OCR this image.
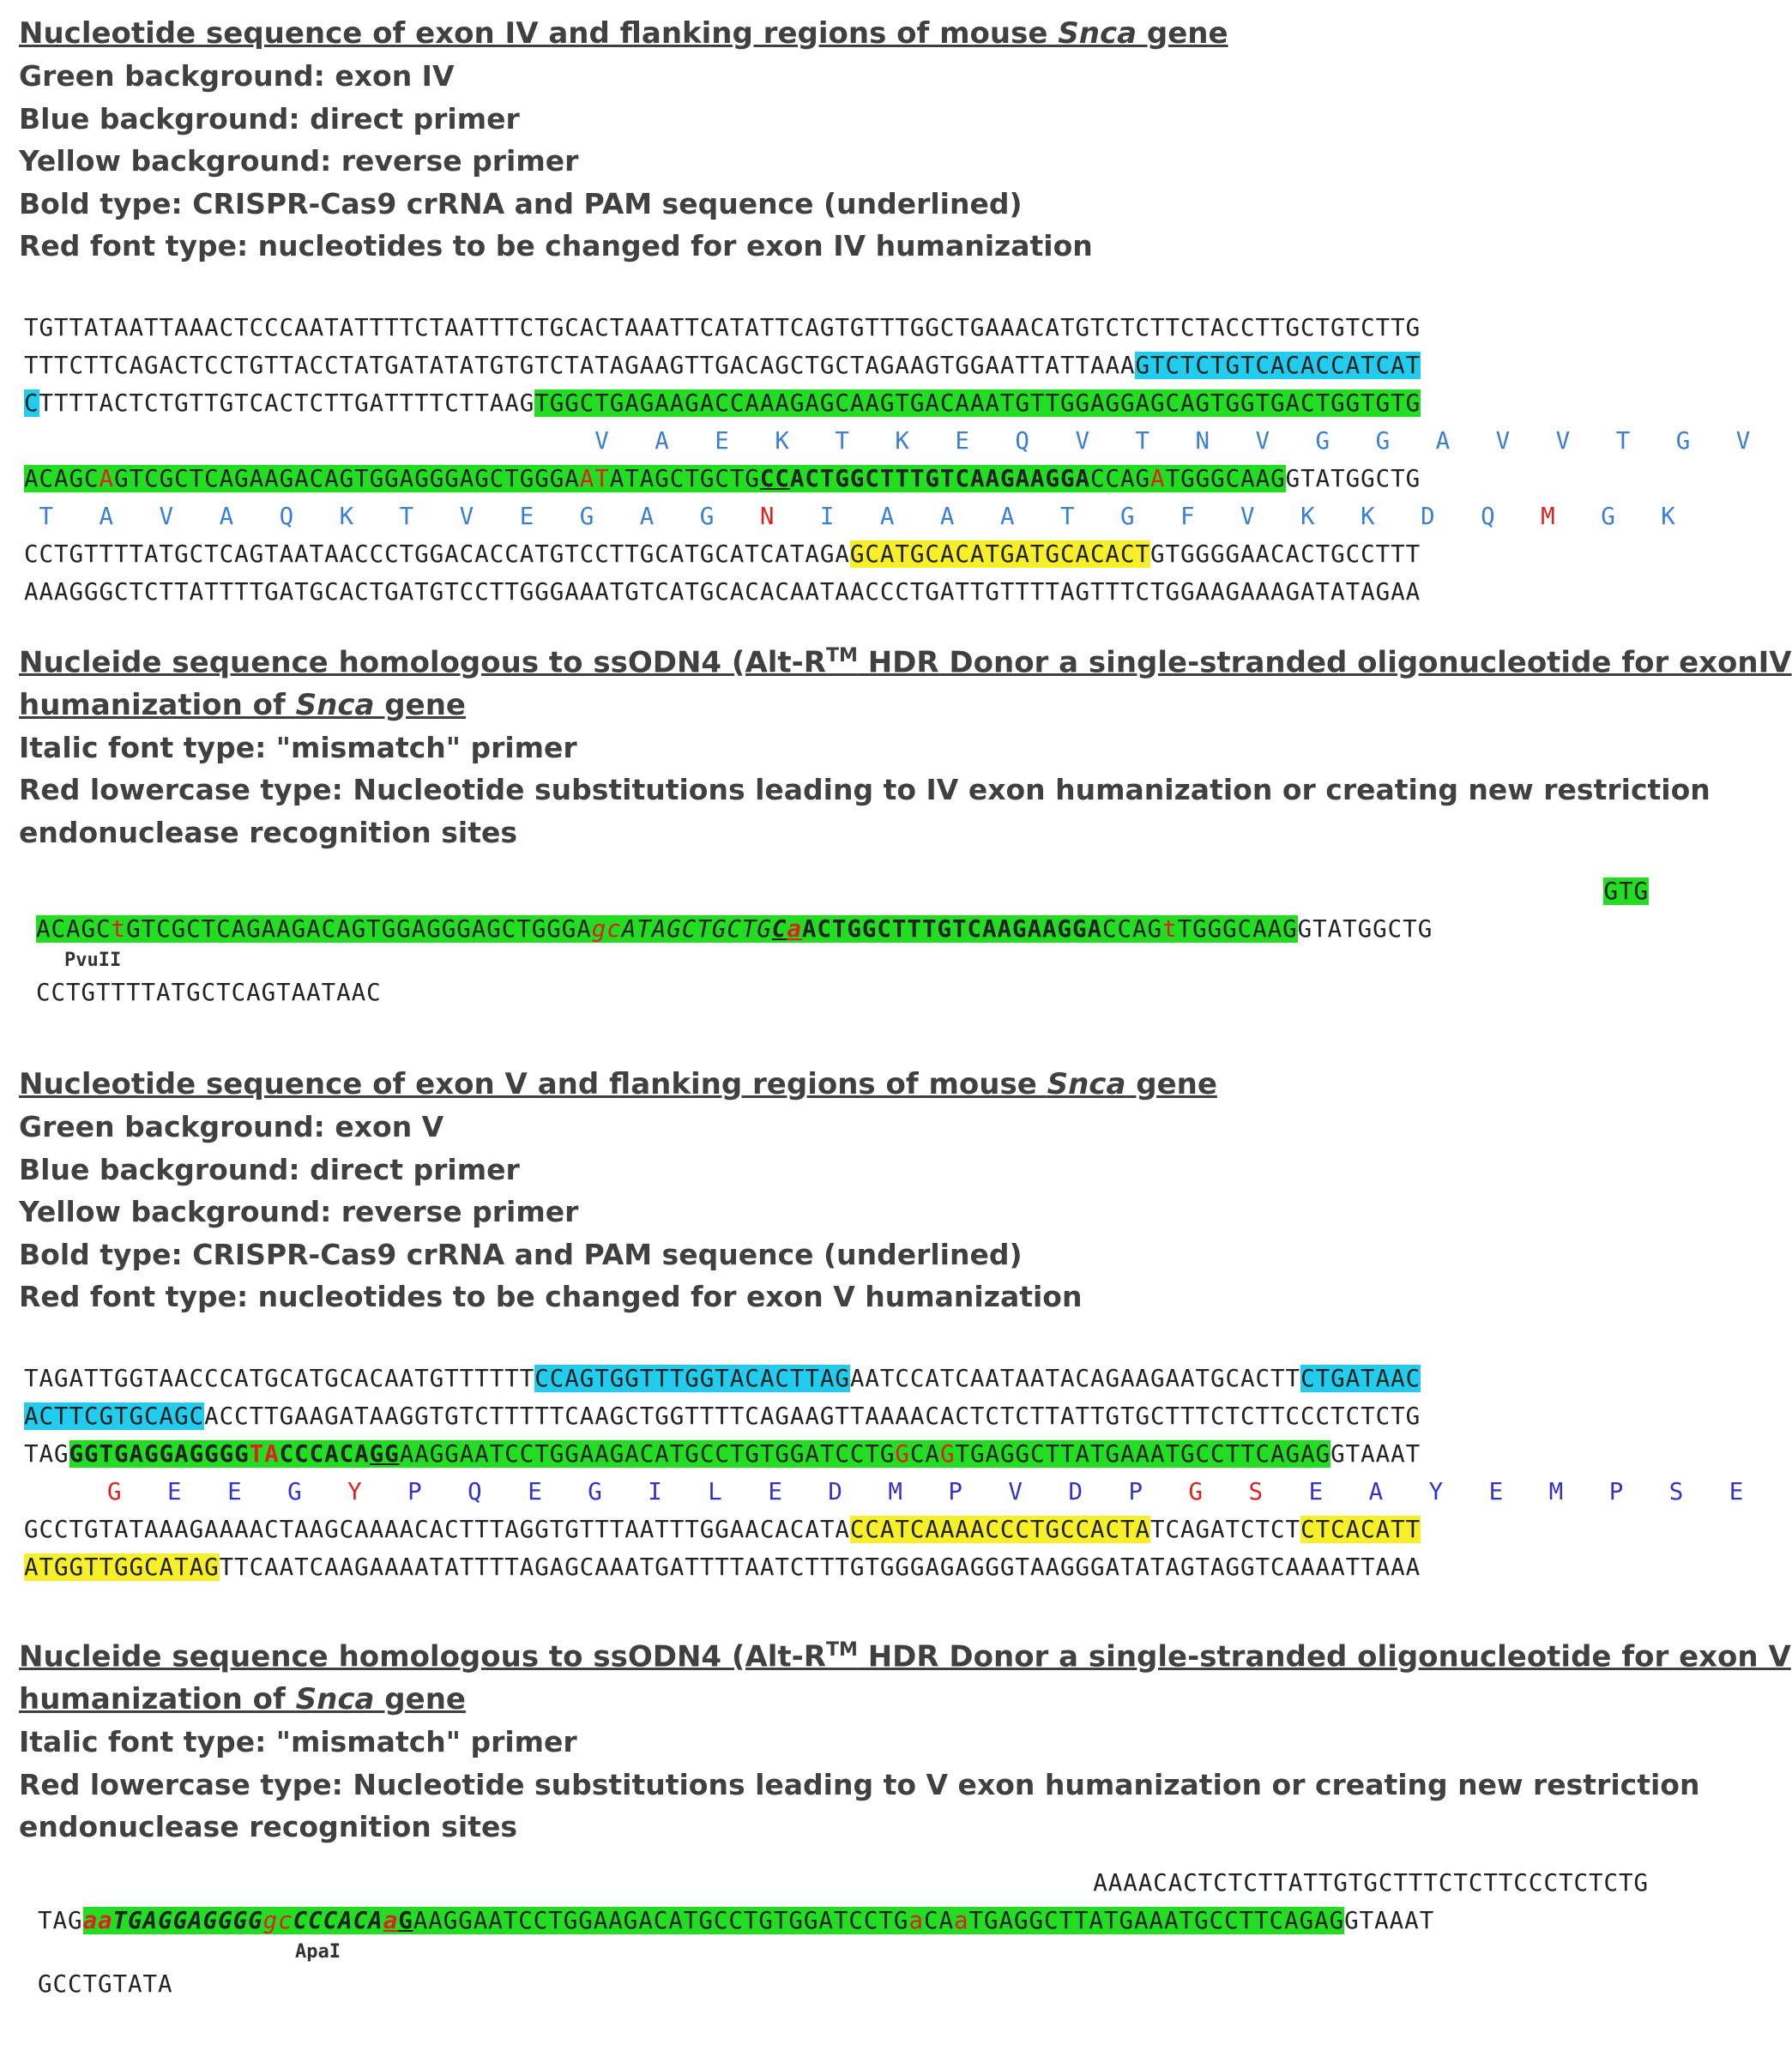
Nucleotide sequence of exon IV and flanking regions of mouse Snca gene
Green background: exon IV
Blue background: direct primer
Yellow background: reverse primer
Bold type: CRISPR-Cas9 crRNA and PAM sequence (underlined)
Red font type: nucleotides to be changed for exon IV humanization
TGTTATAATTAAACTCCCAATATTTTCTAATTTCTGCACTAAATTCATATTCAGTGTTTGGCTGAAACATGTCTCTTCTACCTTGCTGTCTTG
TTTCTTCAGACTCCTGTTACCTATGATATATGTGTCTATAGAAGTTGACAGCTGCTAGAAGTGGAATTATTAAAGTCTCTGTCACACCATCAT
CTTTTACTCTGTTGTCACTCTTGATTTTCTTAAGTGGCTGAGAAGACCAAAGAGCAAGTGACAAATGTTGGAGGAGCAGTGGTGACTGGTGTG
V   A   E   K   T   K   E   Q   V   T   N   V   G   G   A   V   V   T   G   V
ACAGCAGTCGCTCAGAAGACAGTGGAGGGAGCTGGGAATATAGCTGCTGCCACTGGCTTTGTCAAGAAGGACCAGATGGGCAAGGTATGGCTG
T   A   V   A   Q   K   T   V   E   G   A   G   N   I   A   A   A   T   G   F   V   K   K   D   Q   M   G   K
CCTGTTTTATGCTCAGTAATAACCCTGGACACCATGTCCTTGCATGCATCATAGAGCATGCACATGATGCACACTGTGGGGAACACTGCCTTT
AAAGGGCTCTTATTTTGATGCACTGATGTCCTTGGGAAATGTCATGCACACAATAACCCTGATTGTTTTAGTTTCTGGAAGAAAGATATAGAA
Nucleide sequence homologous to ssODN4 (Alt-R™ HDR Donor a single-stranded oligonucleotide for exonIV
humanization of Snca gene
Italic font type: "mismatch" primer
Red lowercase type: Nucleotide substitutions leading to IV exon humanization or creating new restriction
endonuclease recognition sites
GTG
ACAGCtGTCGCTCAGAAGACAGTGGAGGGAGCTGGGAgcATAGCTGCTGCaACTGGCTTTGTCAAGAAGGACCAGtTGGGCAAGGTATGGCTG
PvuII
CCTGTTTTATGCTCAGTAATAAC
Nucleotide sequence of exon V and flanking regions of mouse Snca gene
Green background: exon V
Blue background: direct primer
Yellow background: reverse primer
Bold type: CRISPR-Cas9 crRNA and PAM sequence (underlined)
Red font type: nucleotides to be changed for exon V humanization
TAGATTGGTAACCCATGCATGCACAATGTTTTTTCCAGTGGTTTGGTACACTTAGAATCCATCAATAATACAGAAGAATGCACTTCTGATAAC
ACTTCGTGCAGCACCTTGAAGATAAGGTGTCTTTTTCAAGCTGGTTTTCAGAAGTTAAAACACTCTCTTATTGTGCTTTCTCTTCCCTCTCTG
TAGGGTGAGGAGGGGTACCCACAGGAAGGAATCCTGGAAGACATGCCTGTGGATCCTGGCAGTGAGGCTTATGAAATGCCTTCAGAGGTAAAT
G   E   E   G   Y   P   Q   E   G   I   L   E   D   M   P   V   D   P   G S   E   A   Y   E   M   P   S   E
GCCTGTATAAAGAAAACTAAGCAAAACACTTTAGGTGTTTAATTTGGAACACATACCATCAAAACCCTGCCACTATCAGATCTCTCTCACATT
ATGGTTGGCATAGTTCAATCAAGAAAATATTTTAGAGCAAATGATTTTAATCTTTGTGGGAGAGGGTAAGGGATATAGTAGGTCAAAATTAAA
Nucleide sequence homologous to ssODN4 (Alt-R™ HDR Donor a single-stranded oligonucleotide for exon V
humanization of Snca gene
Italic font type: "mismatch" primer
Red lowercase type: Nucleotide substitutions leading to V exon humanization or creating new restriction
endonuclease recognition sites
AAAACACTCTCTTATTGTGCTTTCTCTTCCCTCTCTG
TAGaaTGAGGAGGGGgcCCCACAaGAAGGAATCCTGGAAGACATGCCTGTGGATCCTGaCAaTGAGGCTTATGAAATGCCTTCAGAGGTAAAT
ApaI
GCCTGTATA
